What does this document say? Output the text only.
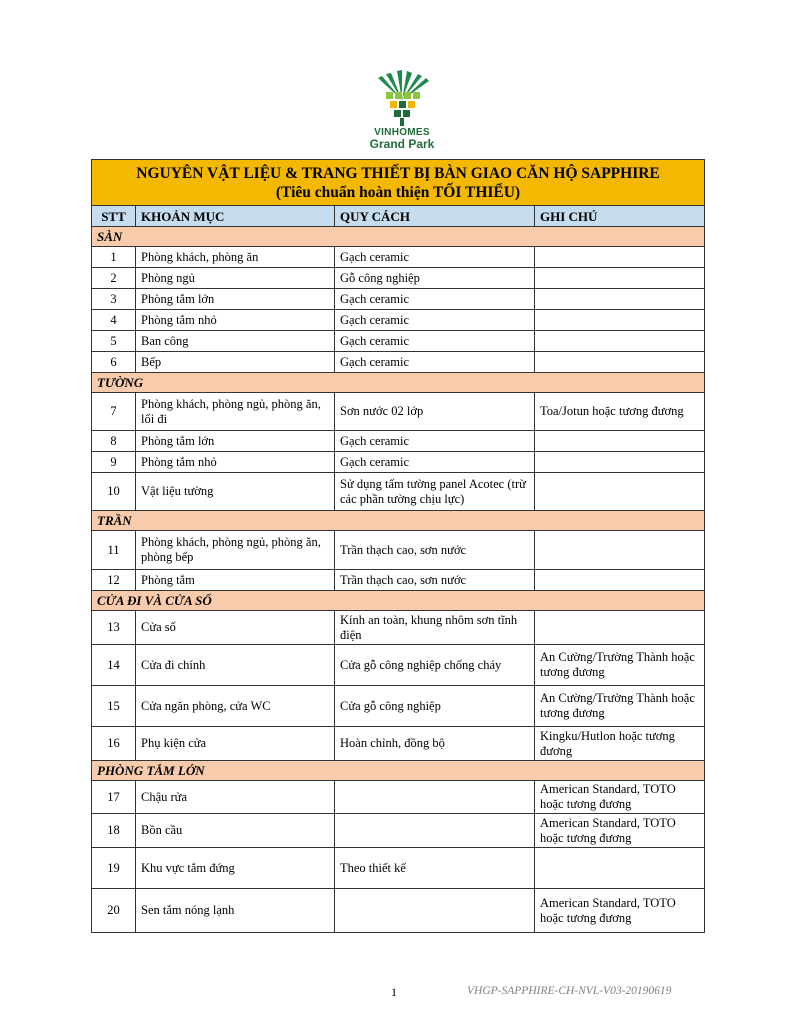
VINHOMES
Grand Park
NGUYÊN VẬT LIỆU & TRANG THIẾT BỊ BÀN GIAO CĂN HỘ SAPPHIRE
(Tiêu chuẩn hoàn thiện TỐI THIỂU)			

STT	KHOẢN MỤC	QUY CÁCH	GHI CHÚ
SÀN			
1	Phòng khách, phòng ăn	Gạch ceramic	
2	Phòng ngủ	Gỗ công nghiệp	
3	Phòng tắm lớn	Gạch ceramic	
4	Phòng tắm nhỏ	Gạch ceramic	
5	Ban công	Gạch ceramic	
6	Bếp	Gạch ceramic	
TƯỜNG			
7	Phòng khách, phòng ngủ, phòng ăn, lối đi	Sơn nước 02 lớp	Toa/Jotun hoặc tương đương
8	Phòng tắm lớn	Gạch ceramic	
9	Phòng tắm nhỏ	Gạch ceramic	
10	Vật liệu tường	Sử dụng tấm tường panel Acotec (trừ các phần tường chịu lực)	
TRẦN			
11	Phòng khách, phòng ngủ, phòng ăn, phòng bếp	Trần thạch cao, sơn nước	
12	Phòng tắm	Trần thạch cao, sơn nước	
CỬA ĐI VÀ CỬA SỔ			
13	Cửa sổ	Kính an toàn, khung nhôm sơn tĩnh điện	
14	Cửa đi chính	Cửa gỗ công nghiệp chống cháy	An Cường/Trường Thành hoặc tương đương
15	Cửa ngăn phòng, cửa WC	Cửa gỗ công nghiệp	An Cường/Trường Thành hoặc tương đương
16	Phụ kiện cửa	Hoàn chỉnh, đồng bộ	Kingku/Hutlon hoặc tương đương
PHÒNG TẮM LỚN			
17	Chậu rửa		American Standard, TOTO hoặc tương đương
18	Bồn cầu		American Standard, TOTO hoặc tương đương
19	Khu vực tắm đứng	Theo thiết kế	
20	Sen tắm nóng lạnh		American Standard, TOTO hoặc tương đương
1	VHGP-SAPPHIRE-CH-NVL-V03-20190619
